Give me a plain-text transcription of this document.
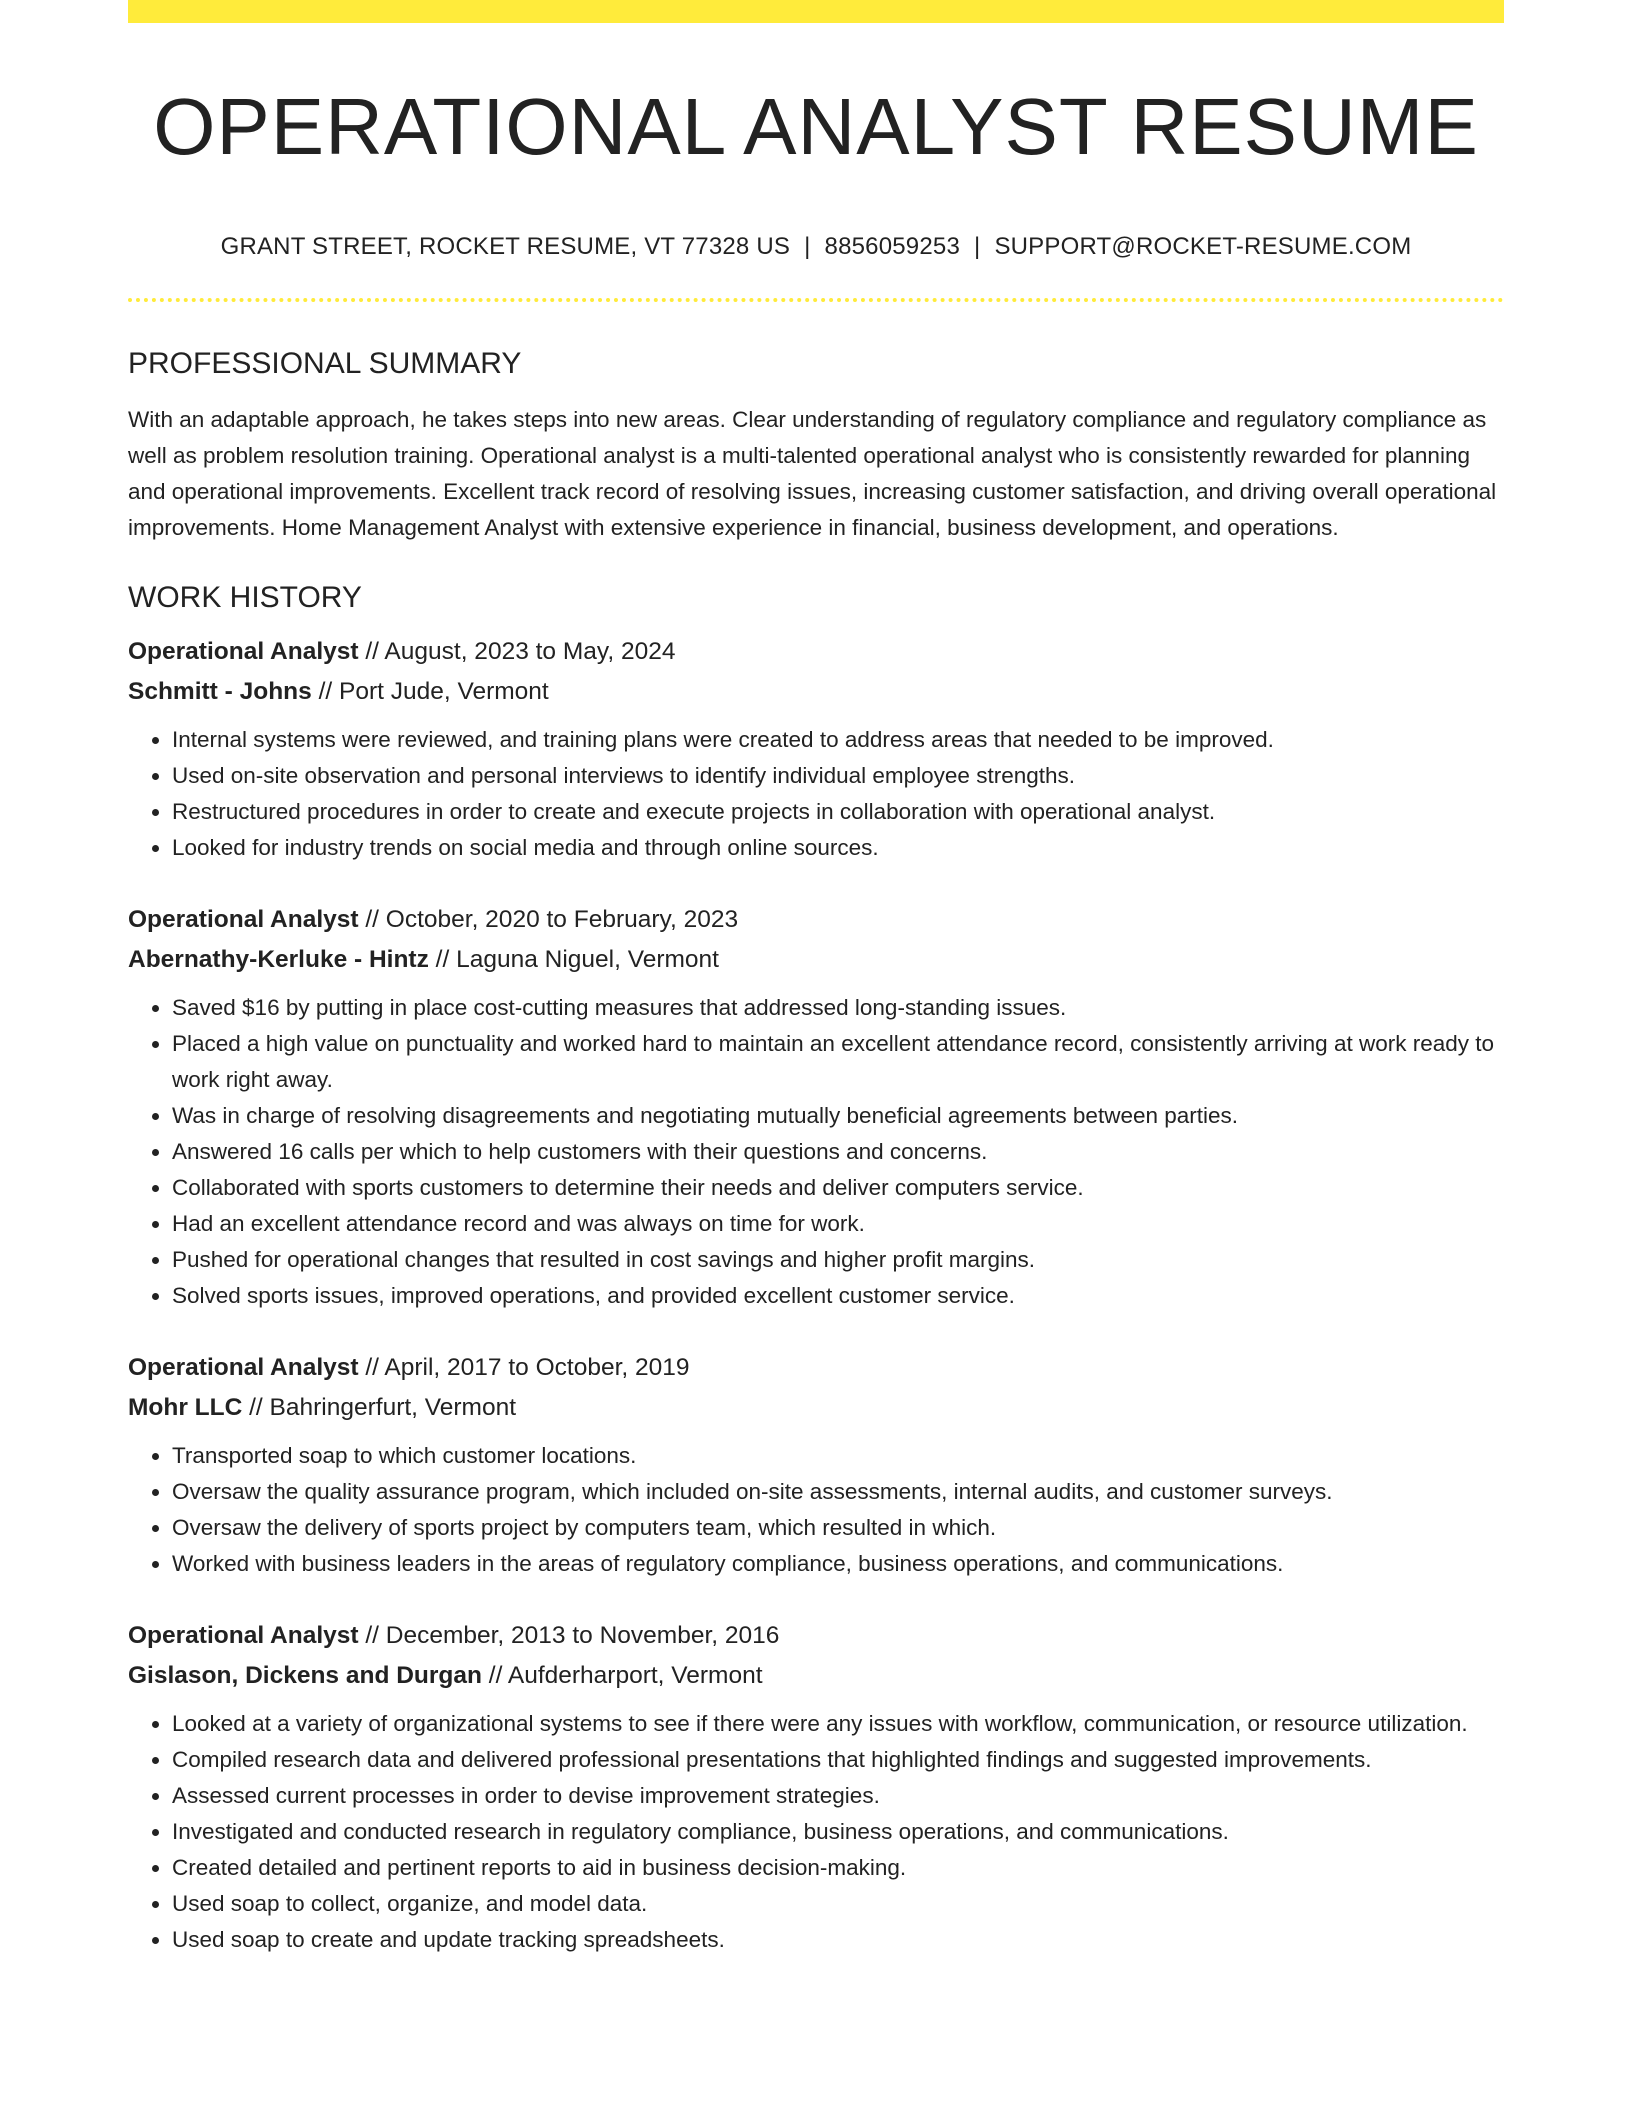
OPERATIONAL ANALYST RESUME
GRANT STREET, ROCKET RESUME, VT 77328 US | 8856059253 | SUPPORT@ROCKET-RESUME.COM
PROFESSIONAL SUMMARY
With an adaptable approach, he takes steps into new areas. Clear understanding of regulatory compliance and regulatory compliance as well as problem resolution training. Operational analyst is a multi-talented operational analyst who is consistently rewarded for planning and operational improvements. Excellent track record of resolving issues, increasing customer satisfaction, and driving overall operational improvements. Home Management Analyst with extensive experience in financial, business development, and operations.
WORK HISTORY
Operational Analyst // August, 2023 to May, 2024
Schmitt - Johns // Port Jude, Vermont
• Internal systems were reviewed, and training plans were created to address areas that needed to be improved.
• Used on-site observation and personal interviews to identify individual employee strengths.
• Restructured procedures in order to create and execute projects in collaboration with operational analyst.
• Looked for industry trends on social media and through online sources.
Operational Analyst // October, 2020 to February, 2023
Abernathy-Kerluke - Hintz // Laguna Niguel, Vermont
• Saved $16 by putting in place cost-cutting measures that addressed long-standing issues.
• Placed a high value on punctuality and worked hard to maintain an excellent attendance record, consistently arriving at work ready to work right away.
• Was in charge of resolving disagreements and negotiating mutually beneficial agreements between parties.
• Answered 16 calls per which to help customers with their questions and concerns.
• Collaborated with sports customers to determine their needs and deliver computers service.
• Had an excellent attendance record and was always on time for work.
• Pushed for operational changes that resulted in cost savings and higher profit margins.
• Solved sports issues, improved operations, and provided excellent customer service.
Operational Analyst // April, 2017 to October, 2019
Mohr LLC // Bahringerfurt, Vermont
• Transported soap to which customer locations.
• Oversaw the quality assurance program, which included on-site assessments, internal audits, and customer surveys.
• Oversaw the delivery of sports project by computers team, which resulted in which.
• Worked with business leaders in the areas of regulatory compliance, business operations, and communications.
Operational Analyst // December, 2013 to November, 2016
Gislason, Dickens and Durgan // Aufderharport, Vermont
• Looked at a variety of organizational systems to see if there were any issues with workflow, communication, or resource utilization.
• Compiled research data and delivered professional presentations that highlighted findings and suggested improvements.
• Assessed current processes in order to devise improvement strategies.
• Investigated and conducted research in regulatory compliance, business operations, and communications.
• Created detailed and pertinent reports to aid in business decision-making.
• Used soap to collect, organize, and model data.
• Used soap to create and update tracking spreadsheets.
